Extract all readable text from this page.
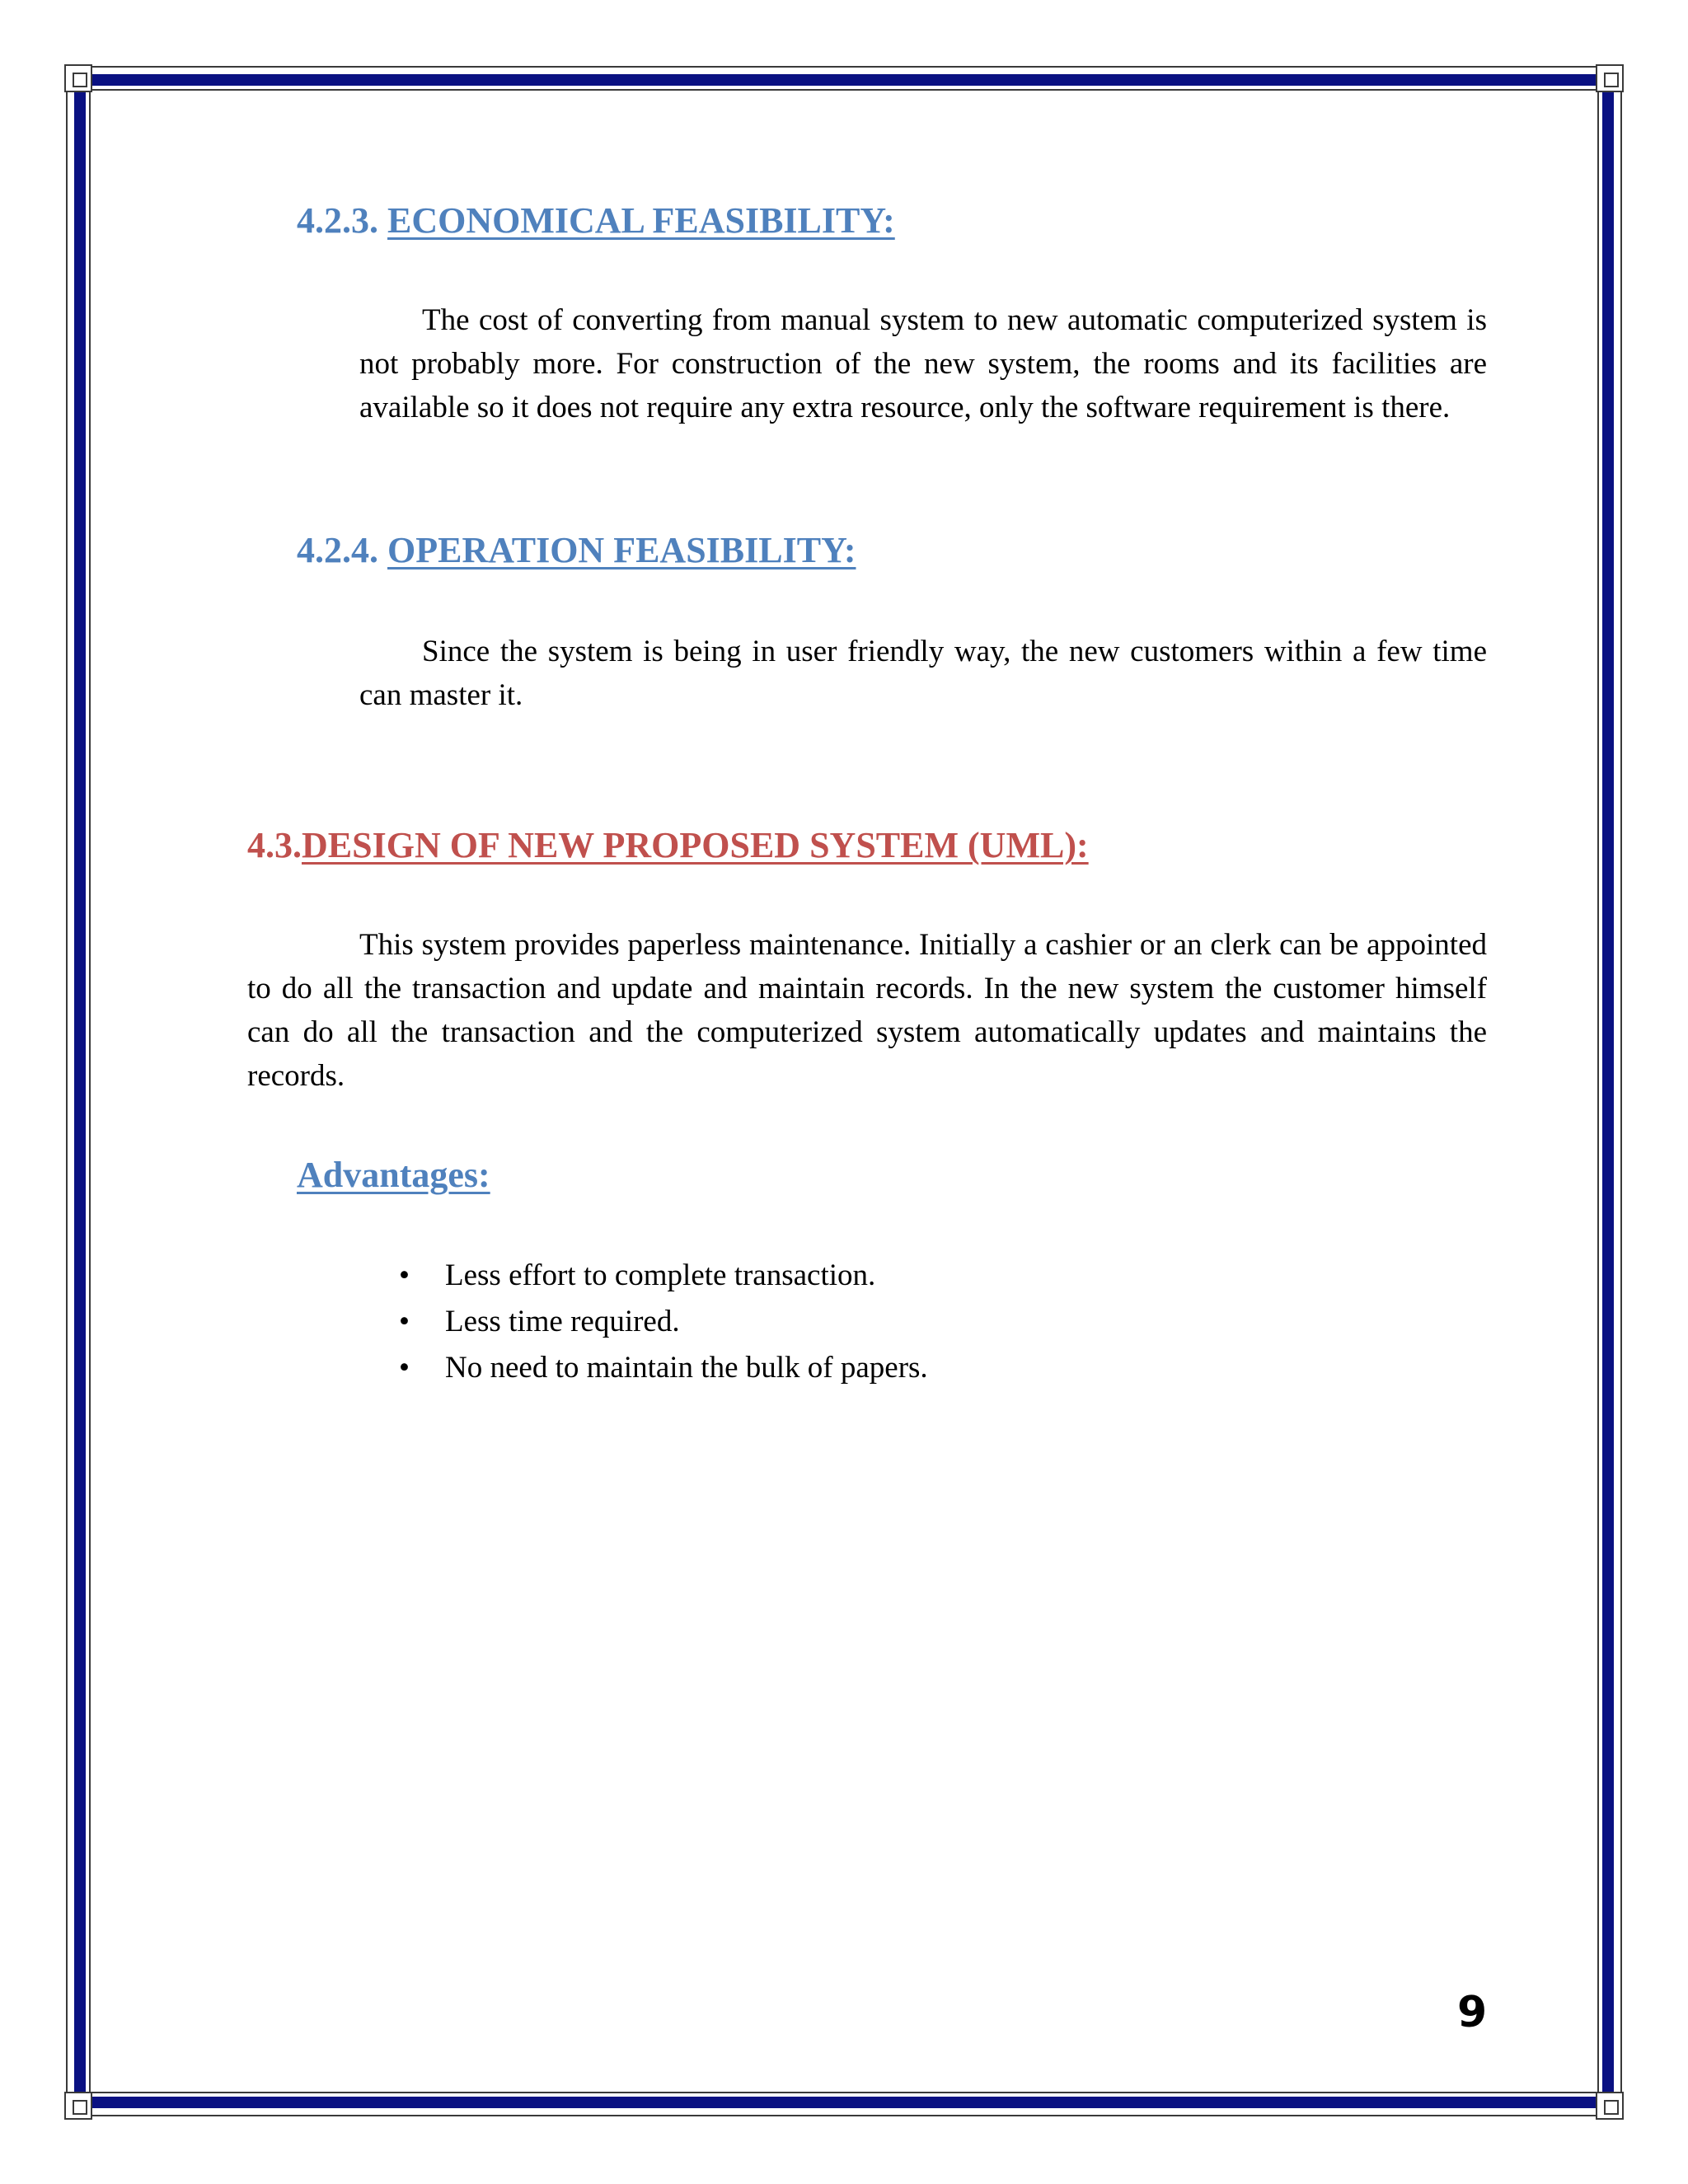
4.2.3. ECONOMICAL FEASIBILITY:

The cost of converting from manual system to new automatic computerized system is not probably more. For construction of the new system, the rooms and its facilities are available so it does not require any extra resource, only the software requirement is there.

4.2.4. OPERATION FEASIBILITY:

Since the system is being in user friendly way, the new customers within a few time can master it.

4.3.DESIGN OF NEW PROPOSED SYSTEM (UML):

This system provides paperless maintenance. Initially a cashier or an clerk can be appointed to do all the transaction and update and maintain records. In the new system the customer himself can do all the transaction and the computerized system automatically updates and maintains the records.

Advantages:
• Less effort to complete transaction.
• Less time required.
• No need to maintain the bulk of papers.
9
